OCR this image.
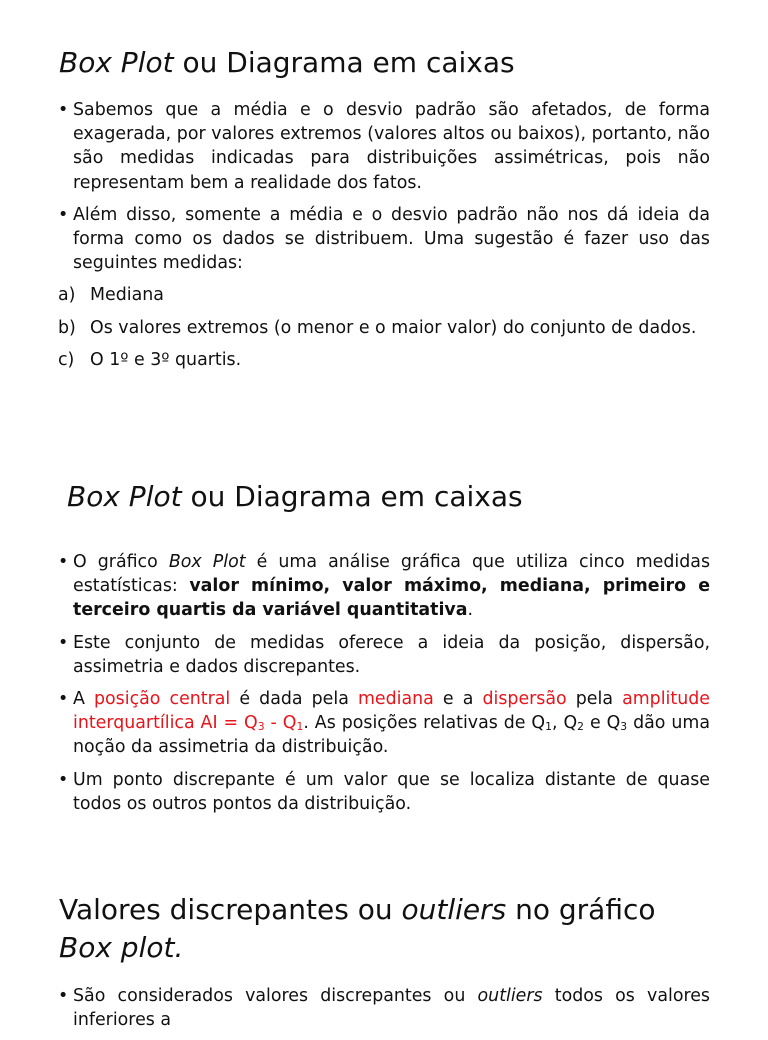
Box Plot ou Diagrama em caixas
• Sabemos que a média e o desvio padrão são afetados, de forma exagerada, por valores extremos (valores altos ou baixos), portanto, não são medidas indicadas para distribuições assimétricas, pois não representam bem a realidade dos fatos.
• Além disso, somente a média e o desvio padrão não nos dá ideia da forma como os dados se distribuem. Uma sugestão é fazer uso das seguintes medidas:
a) Mediana
b) Os valores extremos (o menor e o maior valor) do conjunto de dados.
c) O 1º e 3º quartis.
Box Plot ou Diagrama em caixas
• O gráfico Box Plot é uma análise gráfica que utiliza cinco medidas estatísticas: valor mínimo, valor máximo, mediana, primeiro e terceiro quartis da variável quantitativa.
• Este conjunto de medidas oferece a ideia da posição, dispersão, assimetria e dados discrepantes.
• A posição central é dada pela mediana e a dispersão pela amplitude interquartílica AI = $Q_3 - Q_1$. As posições relativas de $Q_1$, $Q_2$ e $Q_3$ dão uma noção da assimetria da distribuição.
• Um ponto discrepante é um valor que se localiza distante de quase todos os outros pontos da distribuição.
Valores discrepantes ou outliers no gráfico
Box plot.
• São considerados valores discrepantes ou outliers todos os valores inferiores a
